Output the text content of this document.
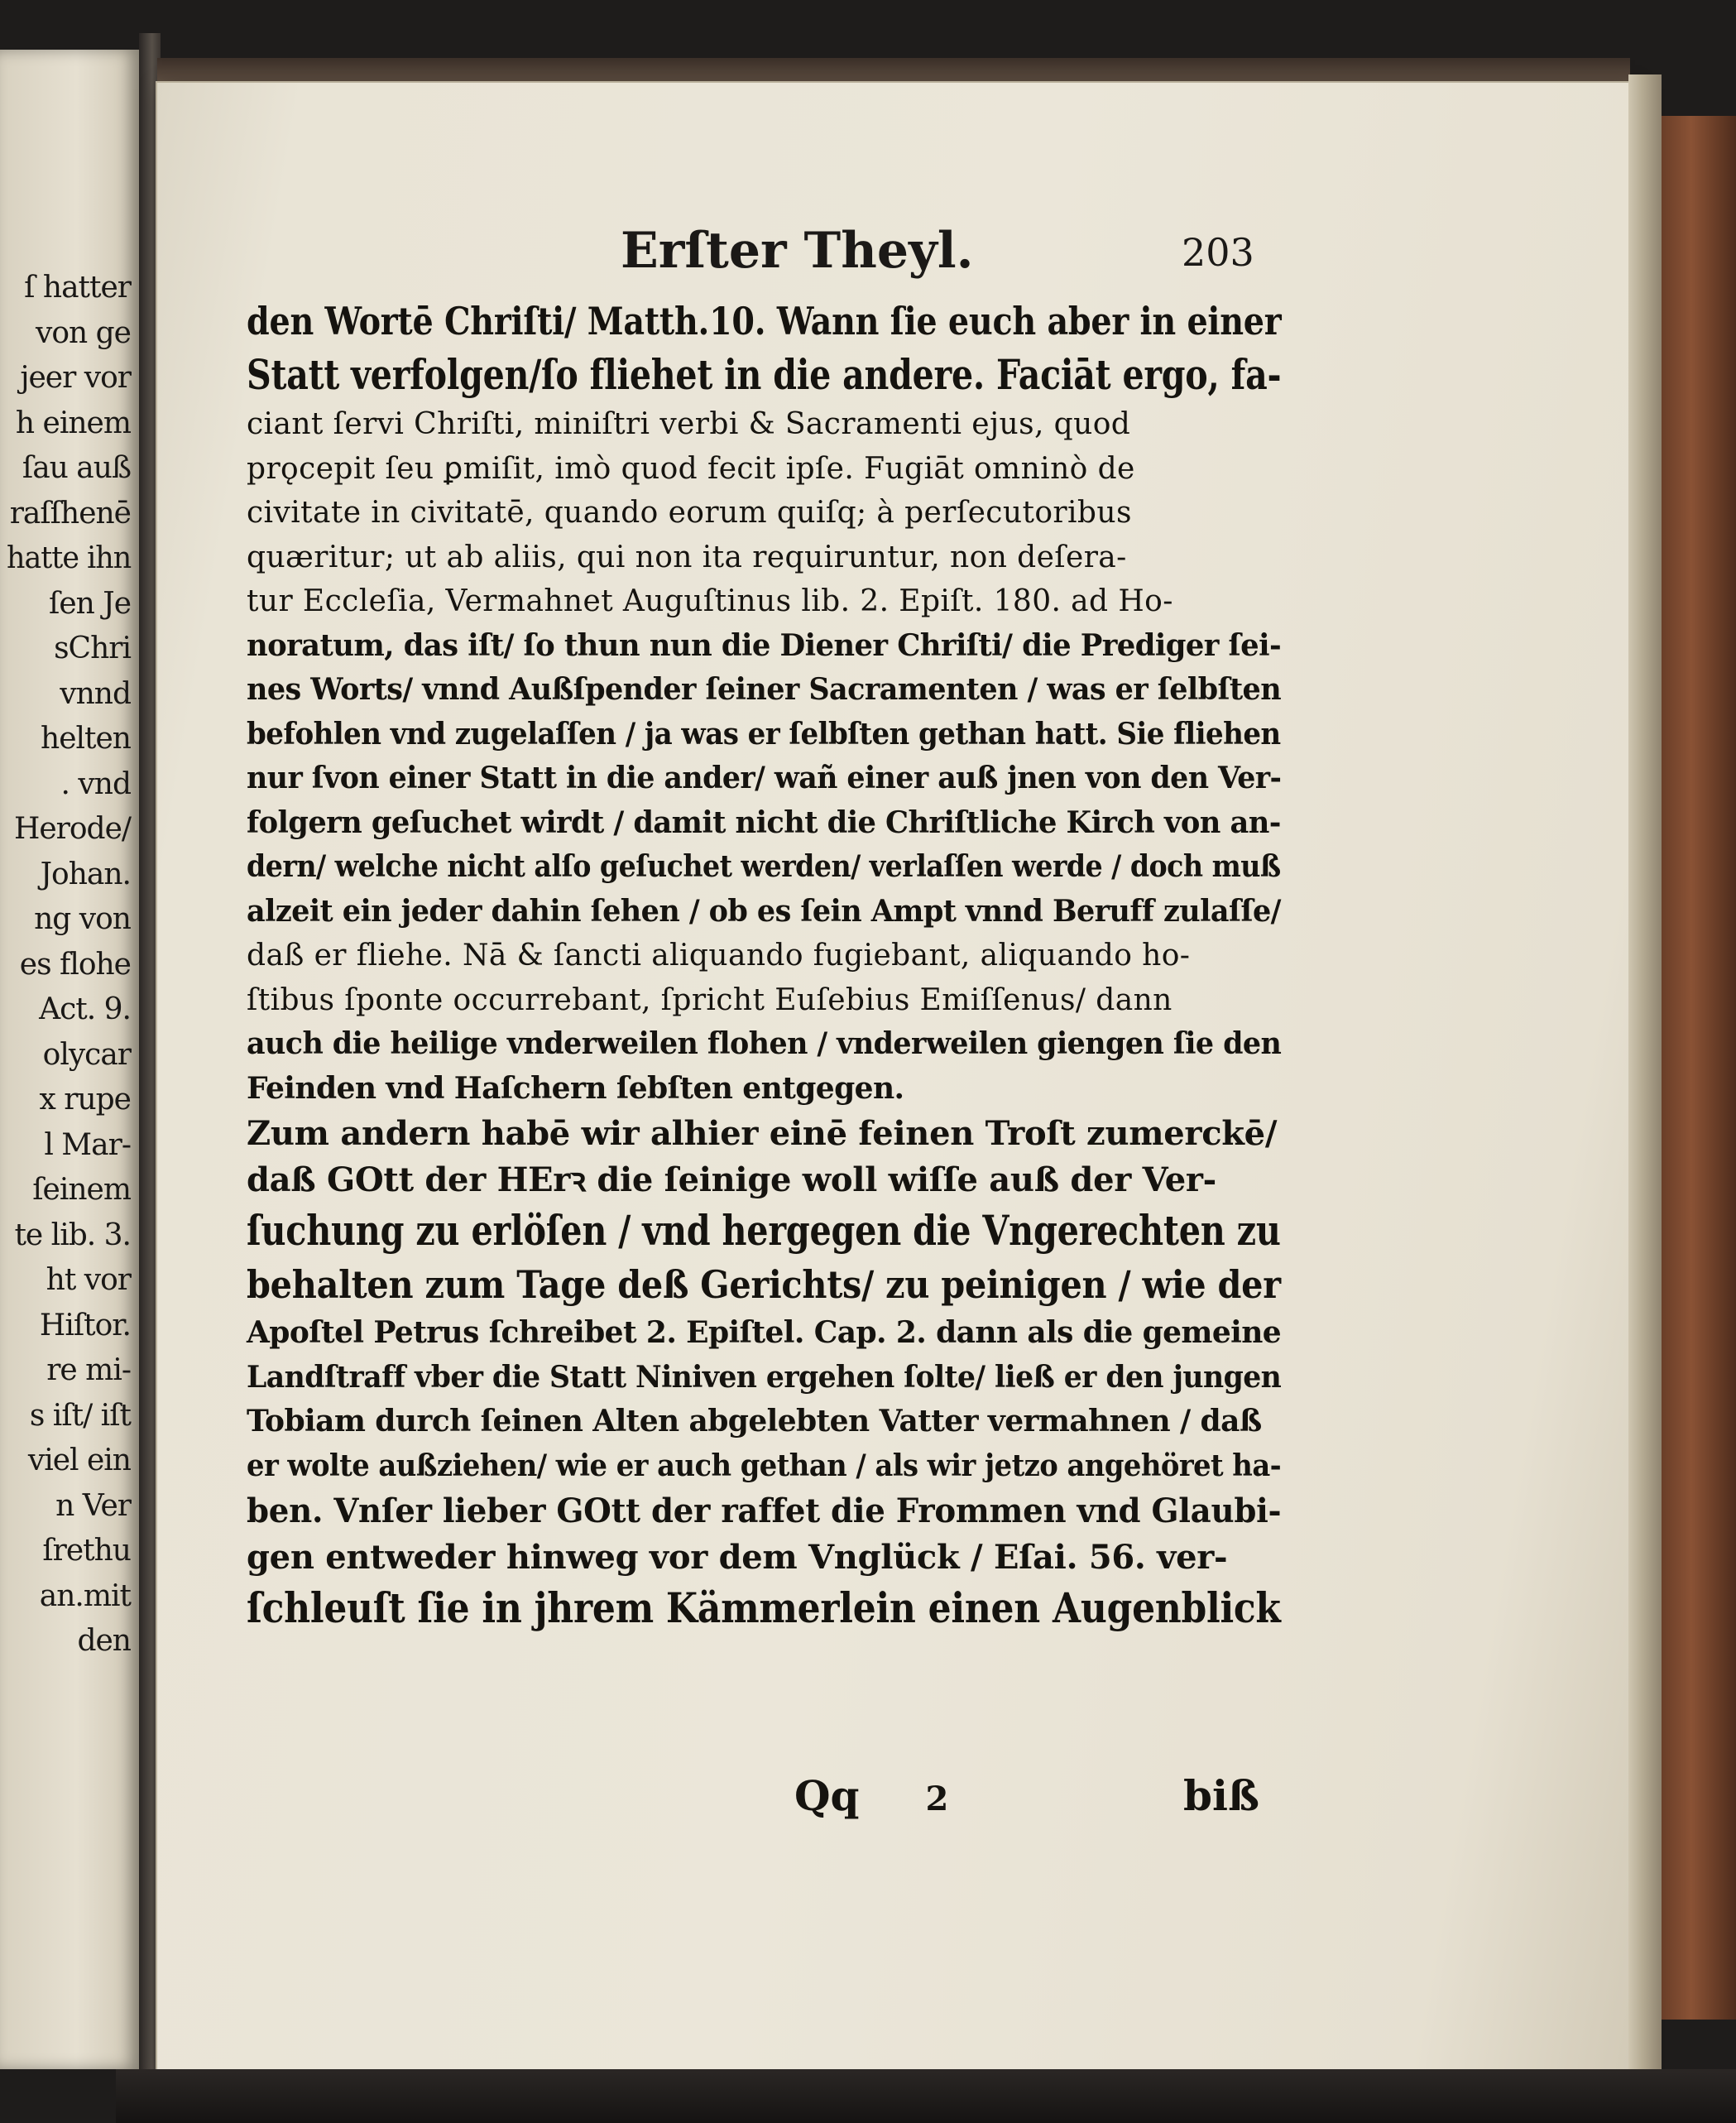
ſ hatter
von ge
jeer vor
h einem
ſau auß
raſſhenē
hatte ihn
ſen Je
sChri
vnnd
helten
. vnd
Herode/
Johan.
ng von
es flohe
Act. 9.
olycar
x rupe
l Mar-
ſeinem
te lib. 3.
ht vor
Hiſtor.
re mi-
s iſt/ iſt
viel ein
n Ver
ſrethu
an.mit
den
Erſter Theyl.	203
den Wortē Chriſti/ Matth.10. Wann ſie euch aber in einer
Statt verfolgen/ſo fliehet in die andere. Faciāt ergo, fa-
ciant ſervi Chriſti, miniſtri verbi & Sacramenti ejus, quod
prǫcepit ſeu ꝑmiſit, imò quod fecit ipſe. Fugiāt omninò de
civitate in civitatē, quando eorum quiſq; à perſecutoribus
quæritur; ut ab aliis, qui non ita requiruntur, non deſera-
tur Eccleſia, Vermahnet Auguſtinus lib. 2. Epiſt. 180. ad Ho-
noratum, das iſt/ ſo thun nun die Diener Chriſti/ die Prediger ſei-
nes Worts/ vnnd Außſpender ſeiner Sacramenten / was er ſelbſten
befohlen vnd zugelaſſen / ja was er ſelbſten gethan hatt. Sie fliehen
nur ſvon einer Statt in die ander/ wañ einer auß jnen von den Ver-
folgern geſuchet wirdt / damit nicht die Chriſtliche Kirch von an-
dern/ welche nicht alſo geſuchet werden/ verlaſſen werde / doch muß
alzeit ein jeder dahin ſehen / ob es ſein Ampt vnnd Beruff zulaſſe/
daß er fliehe. Nā & ſancti aliquando fugiebant, aliquando ho-
ſtibus ſponte occurrebant, ſpricht Euſebius Emiſſenus/ dann
auch die heilige vnderweilen flohen / vnderweilen giengen ſie den
Feinden vnd Haſchern ſebſten entgegen.
Zum andern habē wir alhier einē feinen Troſt zumerckē/
daß GOtt der HErꝛ die ſeinige woll wiſſe auß der Ver-
ſuchung zu erlöſen / vnd hergegen die Vngerechten zu
behalten zum Tage deß Gerichts/ zu peinigen / wie der
Apoſtel Petrus ſchreibet 2. Epiſtel. Cap. 2. dann als die gemeine
Landſtraff vber die Statt Niniven ergehen ſolte/ ließ er den jungen
Tobiam durch ſeinen Alten abgelebten Vatter vermahnen / daß
er wolte außziehen/ wie er auch gethan / als wir jetzo angehöret ha-
ben. Vnſer lieber GOtt der raffet die Frommen vnd Glaubi-
gen entweder hinweg vor dem Vnglück / Eſai. 56. ver-
ſchleuſt ſie in jhrem Kämmerlein einen Augenblick
Qq 2	biß
